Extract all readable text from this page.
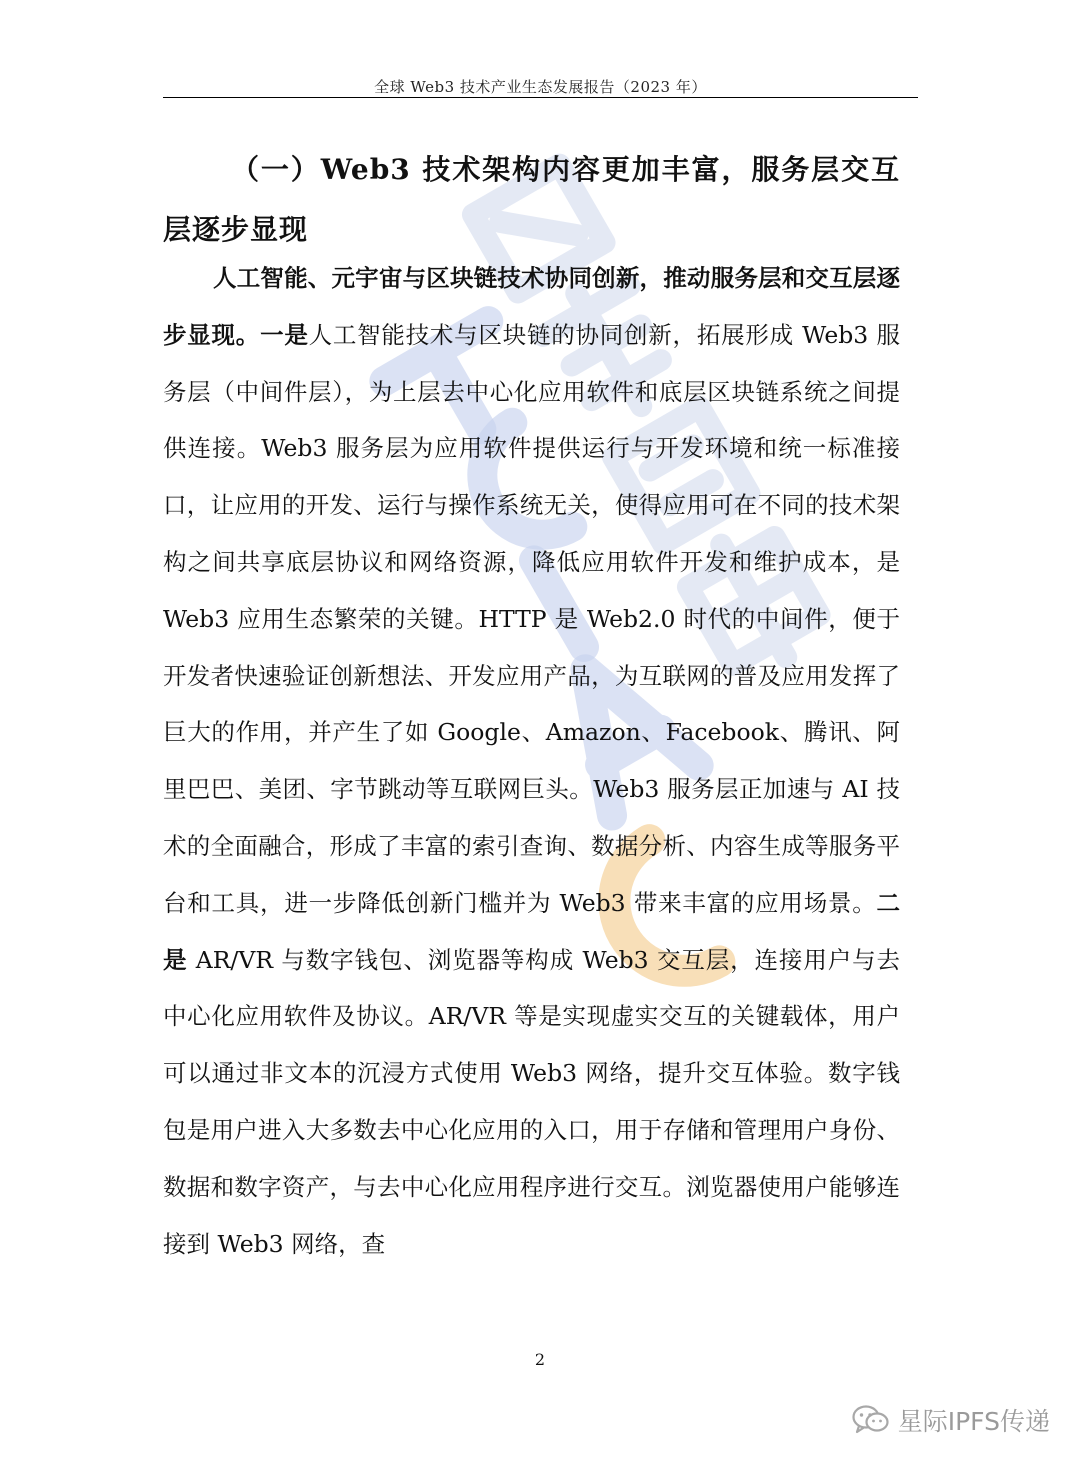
全球 Web3 技术产业生态发展报告（2023 年）
（一）Web3 技术架构内容更加丰富，服务层交互层逐步显现

人工智能、元宇宙与区块链技术协同创新，推动服务层和交互层逐步显现。一是人工智能技术与区块链的协同创新，拓展形成 Web3 服务层（中间件层），为上层去中心化应用软件和底层区块链系统之间提供连接。Web3 服务层为应用软件提供运行与开发环境和统一标准接口，让应用的开发、运行与操作系统无关，使得应用可在不同的技术架构之间共享底层协议和网络资源，降低应用软件开发和维护成本，是 Web3 应用生态繁荣的关键。HTTP 是 Web2.0 时代的中间件，便于开发者快速验证创新想法、开发应用产品，为互联网的普及应用发挥了巨大的作用，并产生了如 Google、Amazon、Facebook、腾讯、阿里巴巴、美团、字节跳动等互联网巨头。Web3 服务层正加速与 AI 技术的全面融合，形成了丰富的索引查询、数据分析、内容生成等服务平台和工具，进一步降低创新门槛并为 Web3 带来丰富的应用场景。二是 AR/VR 与数字钱包、浏览器等构成 Web3 交互层，连接用户与去中心化应用软件及协议。AR/VR 等是实现虚实交互的关键载体，用户可以通过非文本的沉浸方式使用 Web3 网络，提升交互体验。数字钱包是用户进入大多数去中心化应用的入口，用于存储和管理用户身份、数据和数字资产，与去中心化应用程序进行交互。浏览器使用户能够连接到 Web3 网络，查

2
星际IPFS传递
